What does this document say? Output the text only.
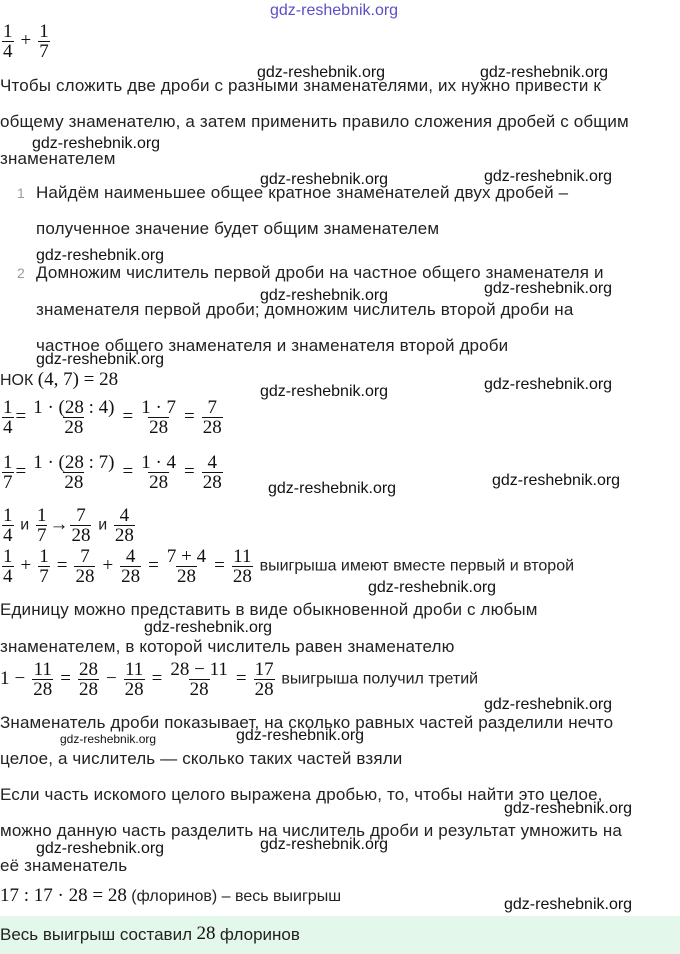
gdz-reshebnik.org
$\frac{1}{4} + \frac{1}{7}$
Чтобы сложить две дроби с разными знаменателями, их нужно привести к
общему знаменателю, а затем применить правило сложения дробей с общим
знаменателем
1 Найдём наименьшее общее кратное знаменателей двух дробей –
полученное значение будет общим знаменателем
2 Домножим числитель первой дроби на частное общего знаменателя и
знаменателя первой дроби; домножим числитель второй дроби на
частное общего знаменателя и знаменателя второй дроби
НОК (4, 7) = 28
$\frac{1}{4} = \frac{1 \cdot (28 : 4)}{28} = \frac{1 \cdot 7}{28} = \frac{7}{28}$
$\frac{1}{7} = \frac{1 \cdot (28 : 7)}{28} = \frac{1 \cdot 4}{28} = \frac{4}{28}$
$\frac{1}{4}$ и $\frac{1}{7} \to \frac{7}{28}$ и $\frac{4}{28}$
$\frac{1}{4} + \frac{1}{7} = \frac{7}{28} + \frac{4}{28} = \frac{7 + 4}{28} = \frac{11}{28}$ выигрыша имеют вместе первый и второй
Единицу можно представить в виде обыкновенной дроби с любым
знаменателем, в которой числитель равен знаменателю
$1 - \frac{11}{28} = \frac{28}{28} - \frac{11}{28} = \frac{28 - 11}{28} = \frac{17}{28}$ выигрыша получил третий
Знаменатель дроби показывает, на сколько равных частей разделили нечто
целое, а числитель — сколько таких частей взяли
Если часть искомого целого выражена дробью, то, чтобы найти это целое,
можно данную часть разделить на числитель дроби и результат умножить на
её знаменатель
17 : 17 · 28 = 28 (флоринов) – весь выигрыш
Весь выигрыш составил 28 флоринов
gdz-reshebnik.org	gdz-reshebnik.org
gdz-reshebnik.org
gdz-reshebnik.org	gdz-reshebnik.org
gdz-reshebnik.org
gdz-reshebnik.org
gdz-reshebnik.org
gdz-reshebnik.org
gdz-reshebnik.org	gdz-reshebnik.org
gdz-reshebnik.org	gdz-reshebnik.org
gdz-reshebnik.org
gdz-reshebnik.org
gdz-reshebnik.org
gdz-reshebnik.org	gdz-reshebnik.org
gdz-reshebnik.org
gdz-reshebnik.org
gdz-reshebnik.org
gdz-reshebnik.org
